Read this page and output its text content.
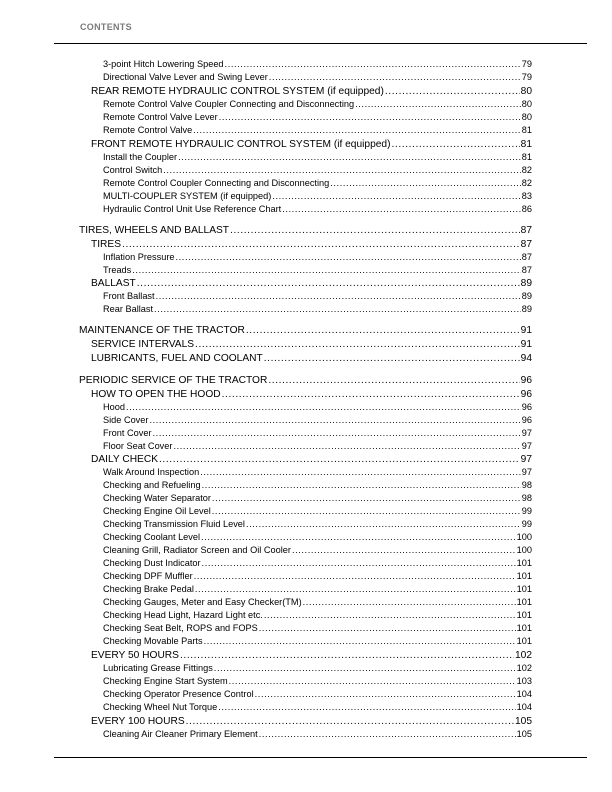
CONTENTS
3-point Hitch Lowering Speed .....	79
Directional Valve Lever and Swing Lever .....	79
REAR REMOTE HYDRAULIC CONTROL SYSTEM (if equipped) .....	80
Remote Control Valve Coupler Connecting and Disconnecting .....	80
Remote Control Valve Lever .....	80
Remote Control Valve .....	81
FRONT REMOTE HYDRAULIC CONTROL SYSTEM (if equipped) .....	81
Install the Coupler .....	81
Control Switch .....	82
Remote Control Coupler Connecting and Disconnecting .....	82
MULTI-COUPLER SYSTEM (if equipped) .....	83
Hydraulic Control Unit Use Reference Chart .....	86
TIRES, WHEELS AND BALLAST .....	87
TIRES .....	87
Inflation Pressure .....	87
Treads .....	87
BALLAST .....	89
Front Ballast .....	89
Rear Ballast .....	89
MAINTENANCE OF THE TRACTOR .....	91
SERVICE INTERVALS .....	91
LUBRICANTS, FUEL AND COOLANT .....	94
PERIODIC SERVICE OF THE TRACTOR .....	96
HOW TO OPEN THE HOOD .....	96
Hood .....	96
Side Cover .....	96
Front Cover .....	97
Floor Seat Cover .....	97
DAILY CHECK .....	97
Walk Around Inspection .....	97
Checking and Refueling .....	98
Checking Water Separator .....	98
Checking Engine Oil Level .....	99
Checking Transmission Fluid Level .....	99
Checking Coolant Level .....	100
Cleaning Grill, Radiator Screen and Oil Cooler .....	100
Checking Dust Indicator .....	101
Checking DPF Muffler .....	101
Checking Brake Pedal .....	101
Checking Gauges, Meter and Easy Checker(TM) .....	101
Checking Head Light, Hazard Light etc. .....	101
Checking Seat Belt, ROPS and FOPS .....	101
Checking Movable Parts .....	101
EVERY 50 HOURS .....	102
Lubricating Grease Fittings .....	102
Checking Engine Start System .....	103
Checking Operator Presence Control .....	104
Checking Wheel Nut Torque .....	104
EVERY 100 HOURS .....	105
Cleaning Air Cleaner Primary Element .....	105
